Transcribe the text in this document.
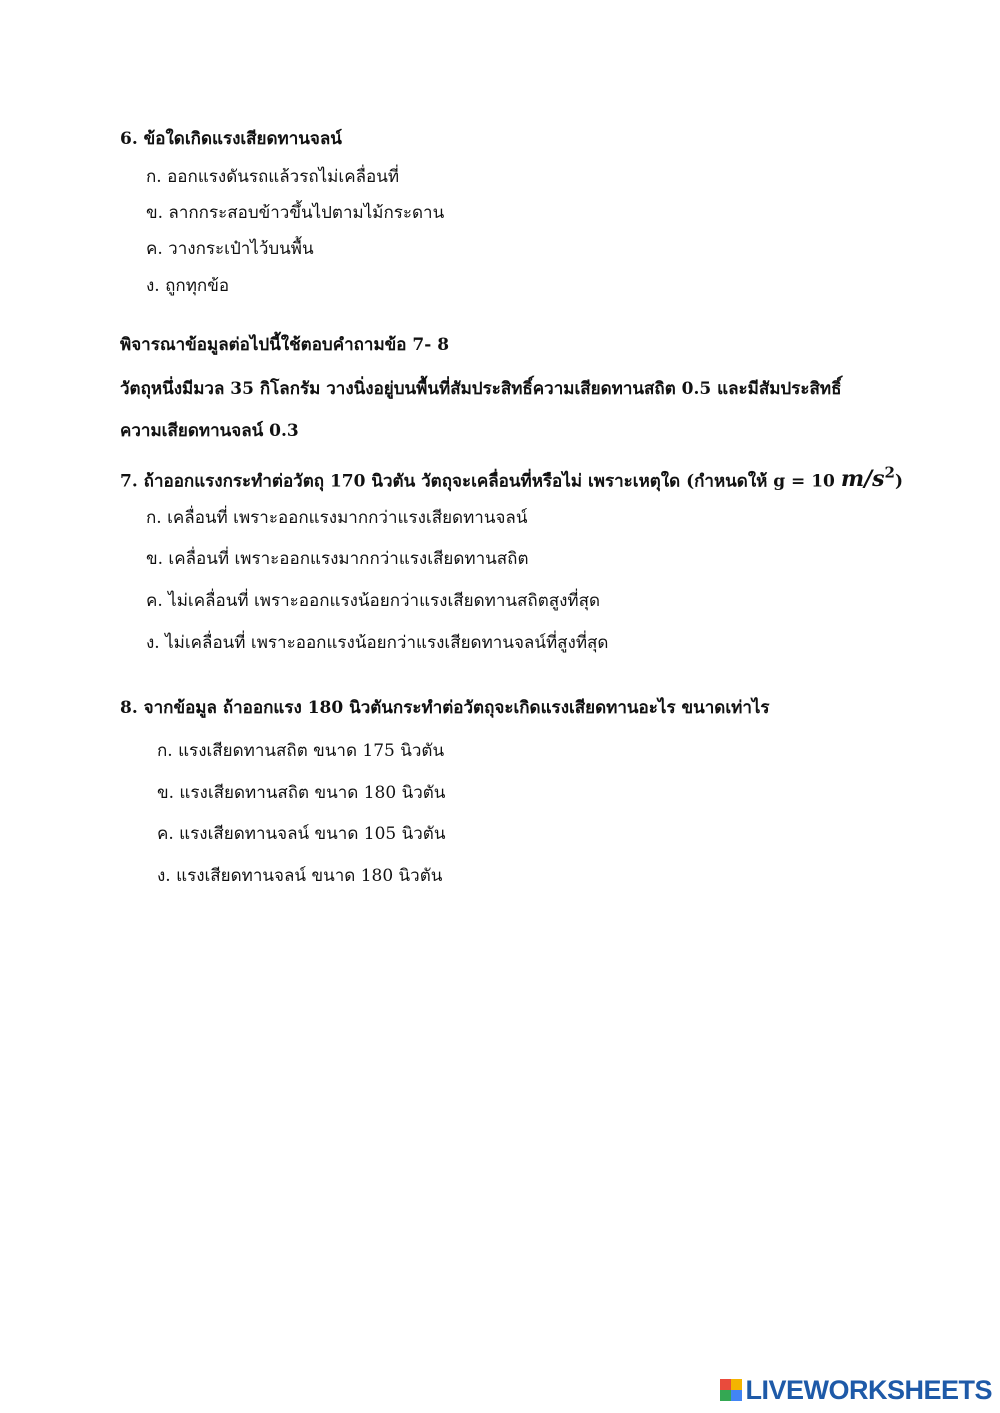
6. ข้อใดเกิดแรงเสียดทานจลน์
ก. ออกแรงดันรถแล้วรถไม่เคลื่อนที่
ข. ลากกระสอบข้าวขึ้นไปตามไม้กระดาน
ค. วางกระเป๋าไว้บนพื้น
ง. ถูกทุกข้อ
พิจารณาข้อมูลต่อไปนี้ใช้ตอบคำถามข้อ 7- 8
วัตถุหนึ่งมีมวล 35 กิโลกรัม วางนิ่งอยู่บนพื้นที่สัมประสิทธิ์ความเสียดทานสถิต 0.5 และมีสัมประสิทธิ์
ความเสียดทานจลน์ 0.3
7. ถ้าออกแรงกระทำต่อวัตถุ 170 นิวตัน วัตถุจะเคลื่อนที่หรือไม่ เพราะเหตุใด (กำหนดให้ g = 10 $m/s^2$)
ก. เคลื่อนที่ เพราะออกแรงมากกว่าแรงเสียดทานจลน์
ข. เคลื่อนที่ เพราะออกแรงมากกว่าแรงเสียดทานสถิต
ค. ไม่เคลื่อนที่ เพราะออกแรงน้อยกว่าแรงเสียดทานสถิตสูงที่สุด
ง. ไม่เคลื่อนที่ เพราะออกแรงน้อยกว่าแรงเสียดทานจลน์ที่สูงที่สุด
8. จากข้อมูล ถ้าออกแรง 180 นิวตันกระทำต่อวัตถุจะเกิดแรงเสียดทานอะไร ขนาดเท่าไร
ก. แรงเสียดทานสถิต ขนาด 175 นิวตัน
ข. แรงเสียดทานสถิต ขนาด 180 นิวตัน
ค. แรงเสียดทานจลน์ ขนาด 105 นิวตัน
ง. แรงเสียดทานจลน์ ขนาด 180 นิวตัน
LIVEWORKSHEETS
